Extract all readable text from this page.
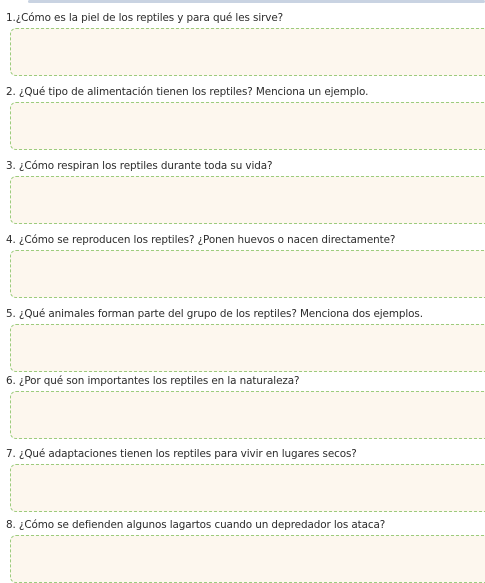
1.¿Cómo es la piel de los reptiles y para qué les sirve?
2. ¿Qué tipo de alimentación tienen los reptiles? Menciona un ejemplo.
3. ¿Cómo respiran los reptiles durante toda su vida?
4. ¿Cómo se reproducen los reptiles? ¿Ponen huevos o nacen directamente?
5. ¿Qué animales forman parte del grupo de los reptiles? Menciona dos ejemplos.
6. ¿Por qué son importantes los reptiles en la naturaleza?
7. ¿Qué adaptaciones tienen los reptiles para vivir en lugares secos?
8. ¿Cómo se defienden algunos lagartos cuando un depredador los ataca?
